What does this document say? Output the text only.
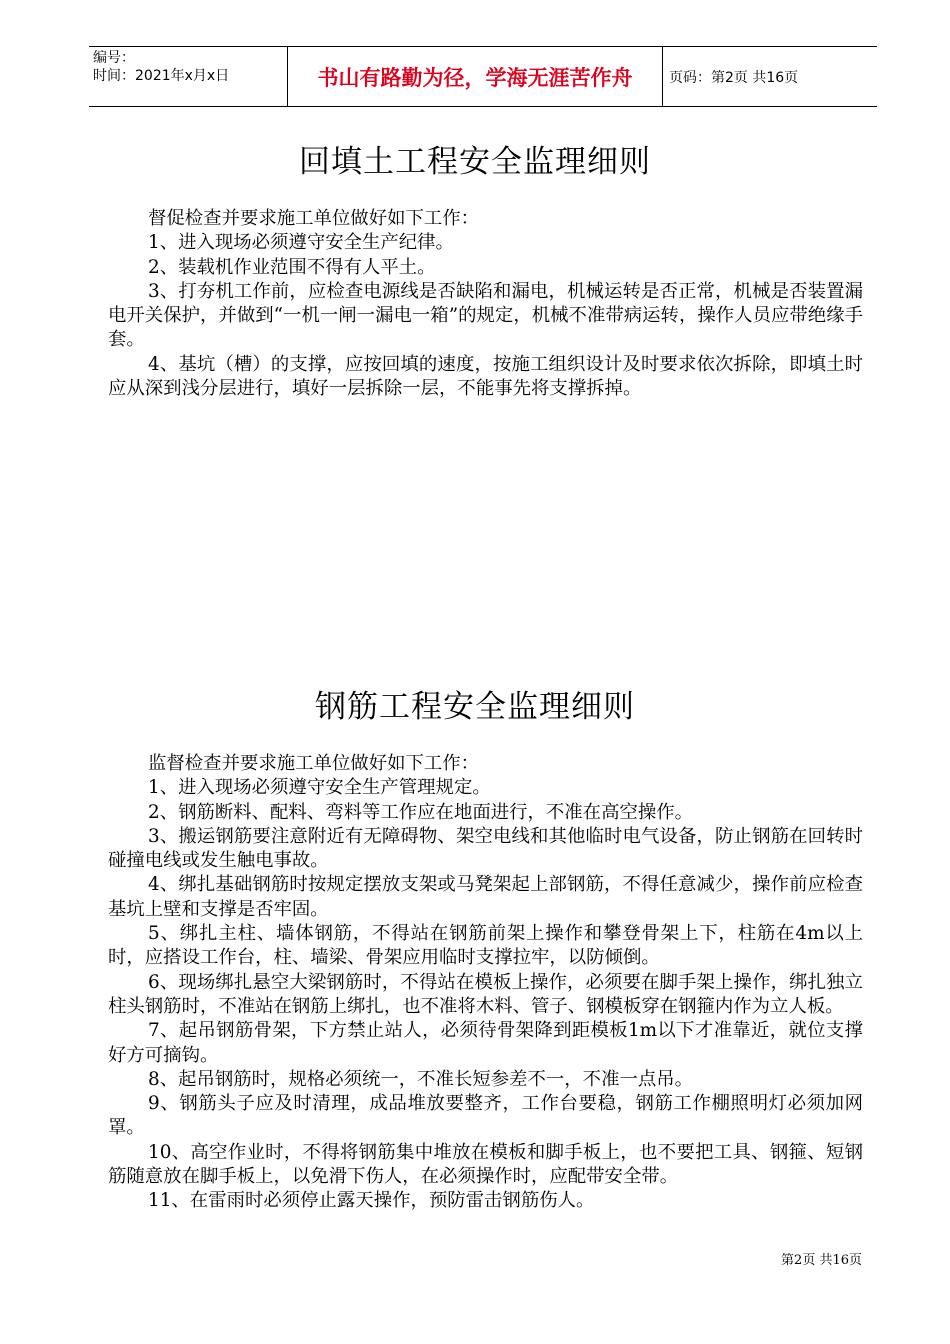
编号：
时间：2021年x月x日	书山有路勤为径，学海无涯苦作舟	页码：第2页 共16页
回填土工程安全监理细则

督促检查并要求施工单位做好如下工作：

1、进入现场必须遵守安全生产纪律。

2、装载机作业范围不得有人平土。

3、打夯机工作前，应检查电源线是否缺陷和漏电，机械运转是否正常，机械是否装置漏电开关保护，并做到“一机一闸一漏电一箱”的规定，机械不准带病运转，操作人员应带绝缘手套。

4、基坑（槽）的支撑，应按回填的速度，按施工组织设计及时要求依次拆除，即填土时应从深到浅分层进行，填好一层拆除一层，不能事先将支撑拆掉。

钢筋工程安全监理细则

监督检查并要求施工单位做好如下工作：

1、进入现场必须遵守安全生产管理规定。

2、钢筋断料、配料、弯料等工作应在地面进行，不准在高空操作。

3、搬运钢筋要注意附近有无障碍物、架空电线和其他临时电气设备，防止钢筋在回转时碰撞电线或发生触电事故。

4、绑扎基础钢筋时按规定摆放支架或马凳架起上部钢筋，不得任意减少，操作前应检查基坑上壁和支撑是否牢固。

5、绑扎主柱、墙体钢筋，不得站在钢筋前架上操作和攀登骨架上下，柱筋在4m以上时，应搭设工作台，柱、墙梁、骨架应用临时支撑拉牢，以防倾倒。

6、现场绑扎悬空大梁钢筋时，不得站在模板上操作，必须要在脚手架上操作，绑扎独立柱头钢筋时，不准站在钢筋上绑扎，也不准将木料、管子、钢模板穿在钢箍内作为立人板。

7、起吊钢筋骨架，下方禁止站人，必须待骨架降到距模板1m以下才准靠近，就位支撑好方可摘钩。

8、起吊钢筋时，规格必须统一，不准长短参差不一，不准一点吊。

9、钢筋头子应及时清理，成品堆放要整齐，工作台要稳，钢筋工作棚照明灯必须加网罩。

10、高空作业时，不得将钢筋集中堆放在模板和脚手板上，也不要把工具、钢箍、短钢筋随意放在脚手板上，以免滑下伤人，在必须操作时，应配带安全带。

11、在雷雨时必须停止露天操作，预防雷击钢筋伤人。

第2页 共16页
